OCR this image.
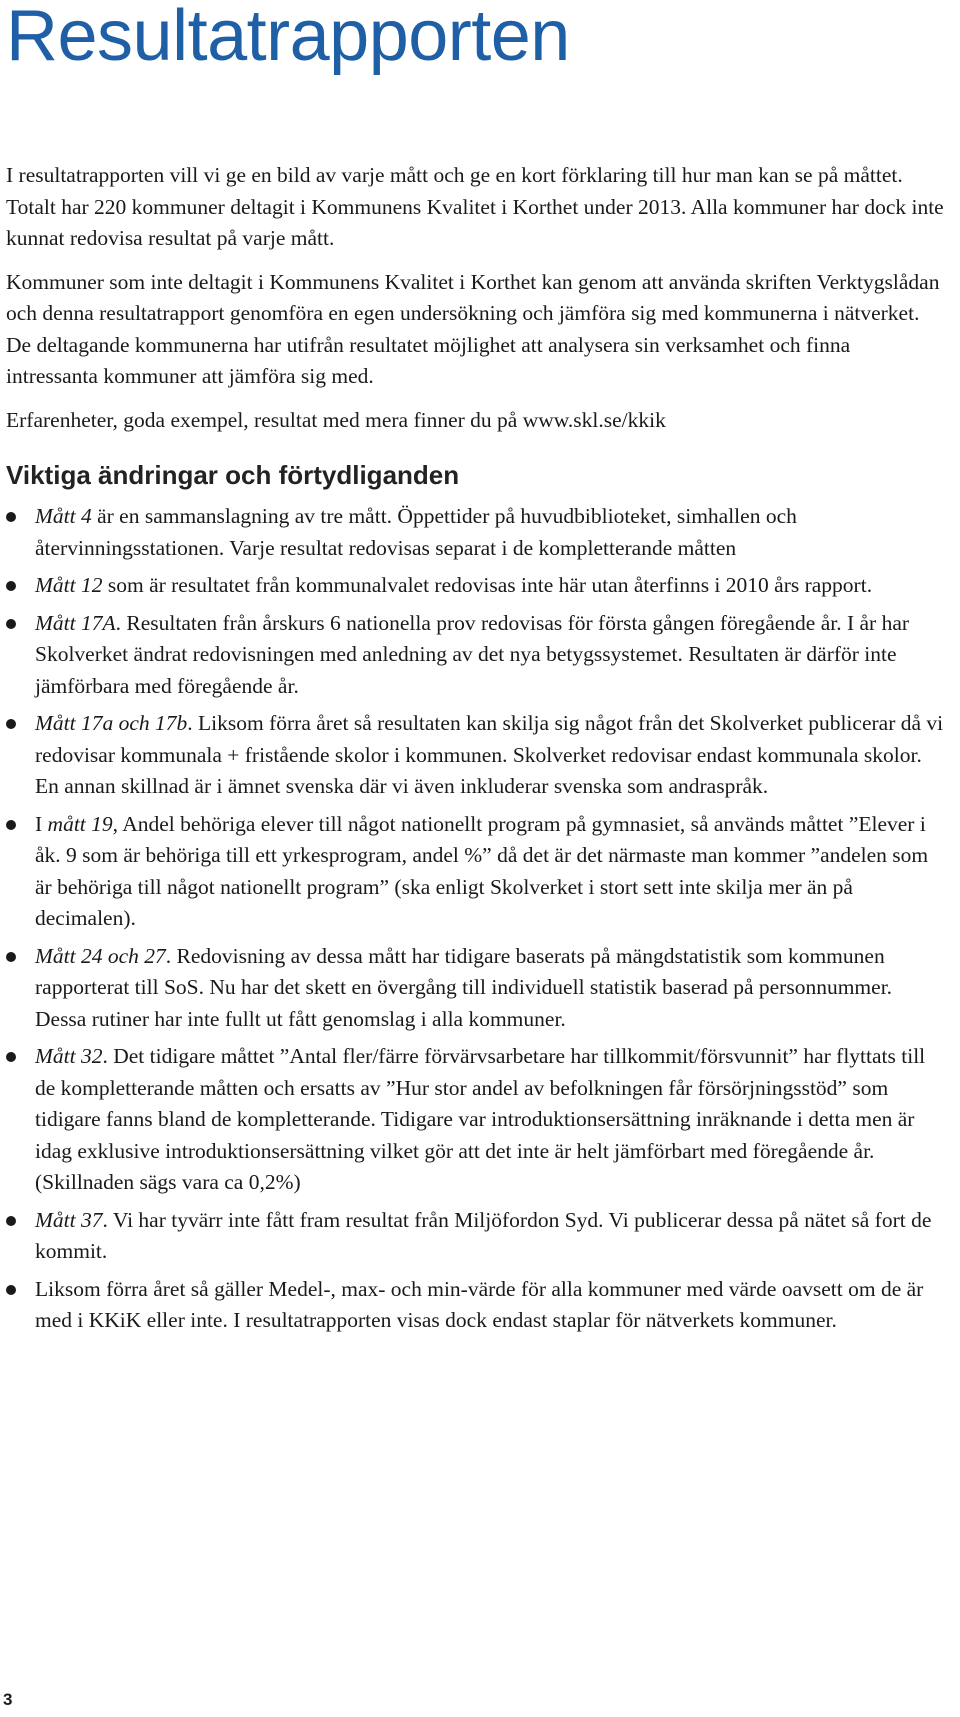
Resultatrapporten

I resultatrapporten vill vi ge en bild av varje mått och ge en kort förklaring till hur man kan se på måttet. Totalt har 220 kommuner deltagit i Kommunens Kvalitet i Korthet under 2013. Alla kommuner har dock inte kunnat redovisa resultat på varje mått.

Kommuner som inte deltagit i Kommunens Kvalitet i Korthet kan genom att använda skriften Verktygslådan och denna resultatrapport genomföra en egen undersökning och jämföra sig med kommunerna i nätverket. De deltagande kommunerna har utifrån resultatet möjlighet att analysera sin verksamhet och finna intressanta kommuner att jämföra sig med.

Erfarenheter, goda exempel, resultat med mera finner du på www.skl.se/kkik

Viktiga ändringar och förtydliganden
Mått 4 är en sammanslagning av tre mått. Öppettider på huvudbiblioteket, simhallen och återvinningsstationen. Varje resultat redovisas separat i de kompletterande måtten
Mått 12 som är resultatet från kommunalvalet redovisas inte här utan återfinns i 2010 års rapport.
Mått 17A. Resultaten från årskurs 6 nationella prov redovisas för första gången föregående år. I år har Skolverket ändrat redovisningen med anledning av det nya betygssystemet. Resultaten är därför inte jämförbara med föregående år.
Mått 17a och 17b. Liksom förra året så resultaten kan skilja sig något från det Skolverket publicerar då vi redovisar kommunala + fristående skolor i kommunen. Skolverket redovisar endast kommunala skolor. En annan skillnad är i ämnet svenska där vi även inkluderar svenska som andraspråk.
I mått 19, Andel behöriga elever till något nationellt program på gymnasiet, så används måttet ”Elever i åk. 9 som är behöriga till ett yrkesprogram, andel %” då det är det närmaste man kommer ”andelen som är behöriga till något nationellt program” (ska enligt Skolverket i stort sett inte skilja mer än på decimalen).
Mått 24 och 27. Redovisning av dessa mått har tidigare baserats på mängdstatistik som kommunen rapporterat till SoS. Nu har det skett en övergång till individuell statistik baserad på personnummer. Dessa rutiner har inte fullt ut fått genomslag i alla kommuner.
Mått 32. Det tidigare måttet ”Antal fler/färre förvärvsarbetare har tillkommit/försvunnit” har flyttats till de kompletterande måtten och ersatts av ”Hur stor andel av befolkningen får försörjningsstöd” som tidigare fanns bland de kompletterande. Tidigare var introduktionsersättning inräknande i detta men är idag exklusive introduktionsersättning vilket gör att det inte är helt jämförbart med föregående år. (Skillnaden sägs vara ca 0,2%)
Mått 37. Vi har tyvärr inte fått fram resultat från Miljöfordon Syd. Vi publicerar dessa på nätet så fort de kommit.
Liksom förra året så gäller Medel-, max- och min-värde för alla kommuner med värde oavsett om de är med i KKiK eller inte. I resultatrapporten visas dock endast staplar för nätverkets kommuner.
3
